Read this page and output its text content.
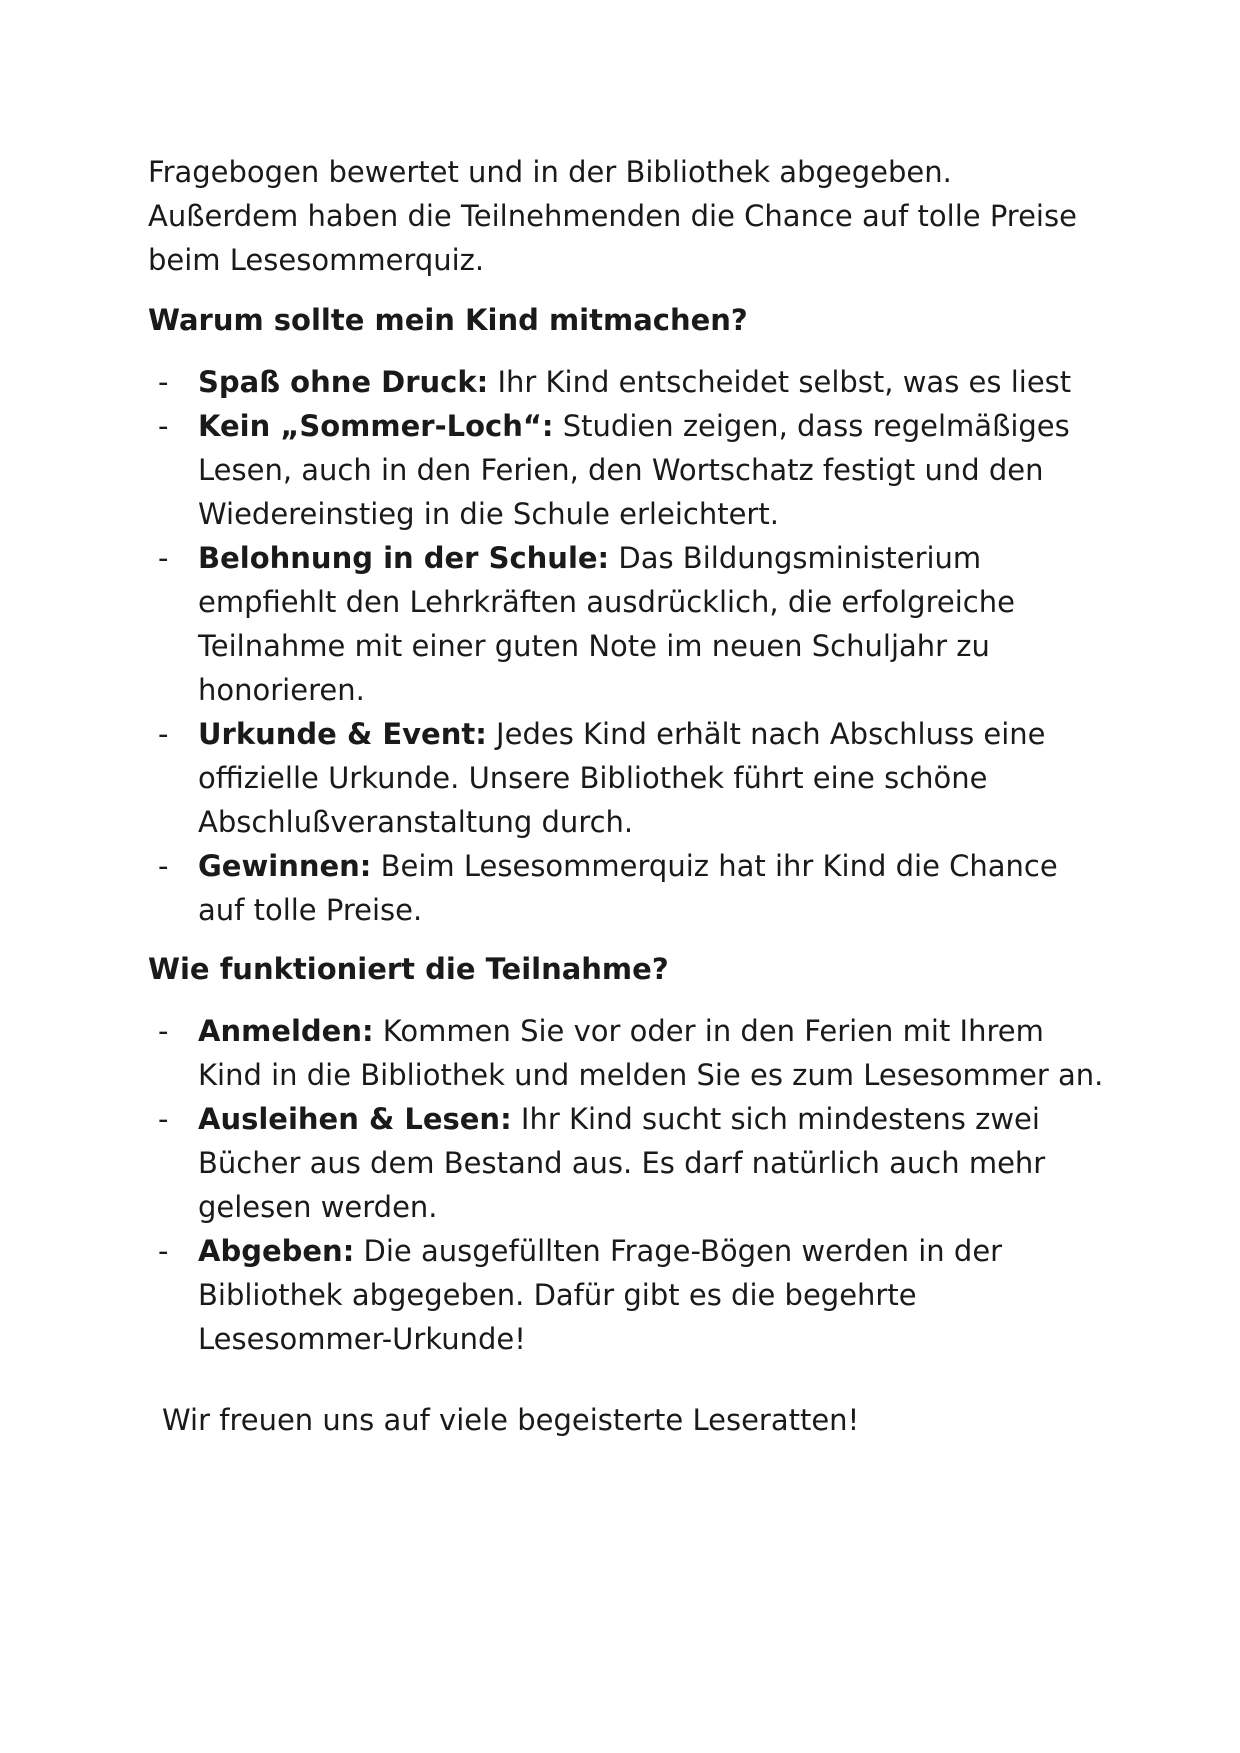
Fragebogen bewertet und in der Bibliothek abgegeben. Außerdem haben die Teilnehmenden die Chance auf tolle Preise beim Lesesommerquiz.

Warum sollte mein Kind mitmachen?
- Spaß ohne Druck: Ihr Kind entscheidet selbst, was es liest
- Kein „Sommer-Loch“: Studien zeigen, dass regelmäßiges Lesen, auch in den Ferien, den Wortschatz festigt und den Wiedereinstieg in die Schule erleichtert.
- Belohnung in der Schule: Das Bildungsministerium empfiehlt den Lehrkräften ausdrücklich, die erfolgreiche Teilnahme mit einer guten Note im neuen Schuljahr zu honorieren.
- Urkunde & Event: Jedes Kind erhält nach Abschluss eine offizielle Urkunde. Unsere Bibliothek führt eine schöne Abschlußveranstaltung durch.
- Gewinnen: Beim Lesesommerquiz hat ihr Kind die Chance auf tolle Preise.
Wie funktioniert die Teilnahme?
- Anmelden: Kommen Sie vor oder in den Ferien mit Ihrem Kind in die Bibliothek und melden Sie es zum Lesesommer an.
- Ausleihen & Lesen: Ihr Kind sucht sich mindestens zwei Bücher aus dem Bestand aus. Es darf natürlich auch mehr gelesen werden.
- Abgeben: Die ausgefüllten Frage-Bögen werden in der Bibliothek abgegeben. Dafür gibt es die begehrte Lesesommer-Urkunde!

Wir freuen uns auf viele begeisterte Leseratten!
